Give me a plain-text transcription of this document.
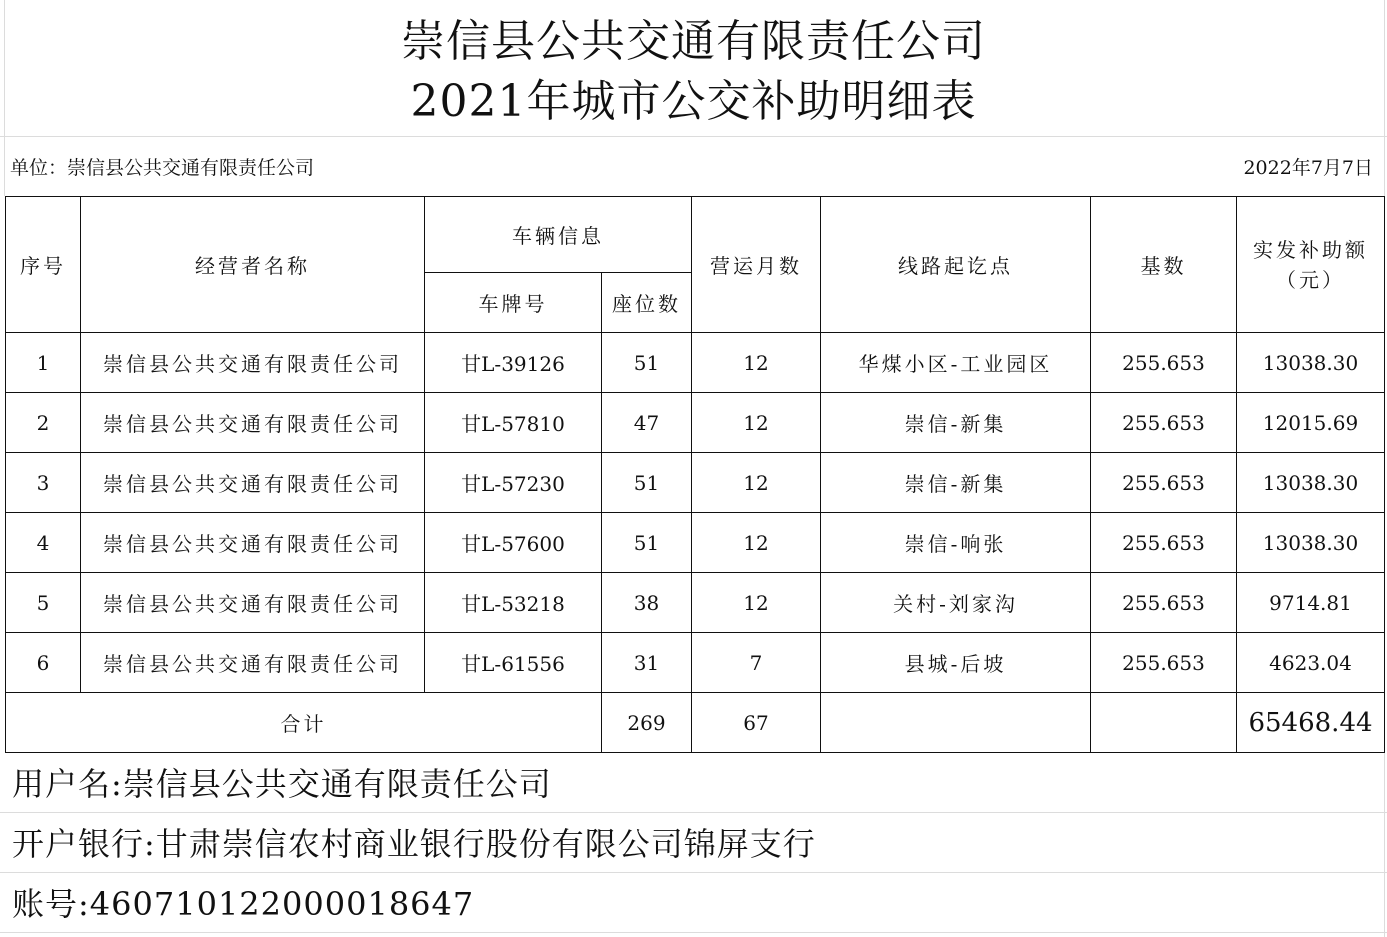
崇信县公共交通有限责任公司
2021年城市公交补助明细表
单位：崇信县公共交通有限责任公司	2022年7月7日
序号	经营者名称	车辆信息		营运月数	线路起讫点	基数	实发补助额
（元）

		车牌号	座位数				
1	崇信县公共交通有限责任公司	甘L-39126	51	12	华煤小区-工业园区	255.653	13038.30
2	崇信县公共交通有限责任公司	甘L-57810	47	12	崇信-新集	255.653	12015.69
3	崇信县公共交通有限责任公司	甘L-57230	51	12	崇信-新集	255.653	13038.30
4	崇信县公共交通有限责任公司	甘L-57600	51	12	崇信-响张	255.653	13038.30
5	崇信县公共交通有限责任公司	甘L-53218	38	12	关村-刘家沟	255.653	9714.81
6	崇信县公共交通有限责任公司	甘L-61556	31	7	县城-后坡	255.653	4623.04
合计			269	67			65468.44
用户名:崇信县公共交通有限责任公司
开户银行:甘肃崇信农村商业银行股份有限公司锦屏支行
账号:460710122000018647
